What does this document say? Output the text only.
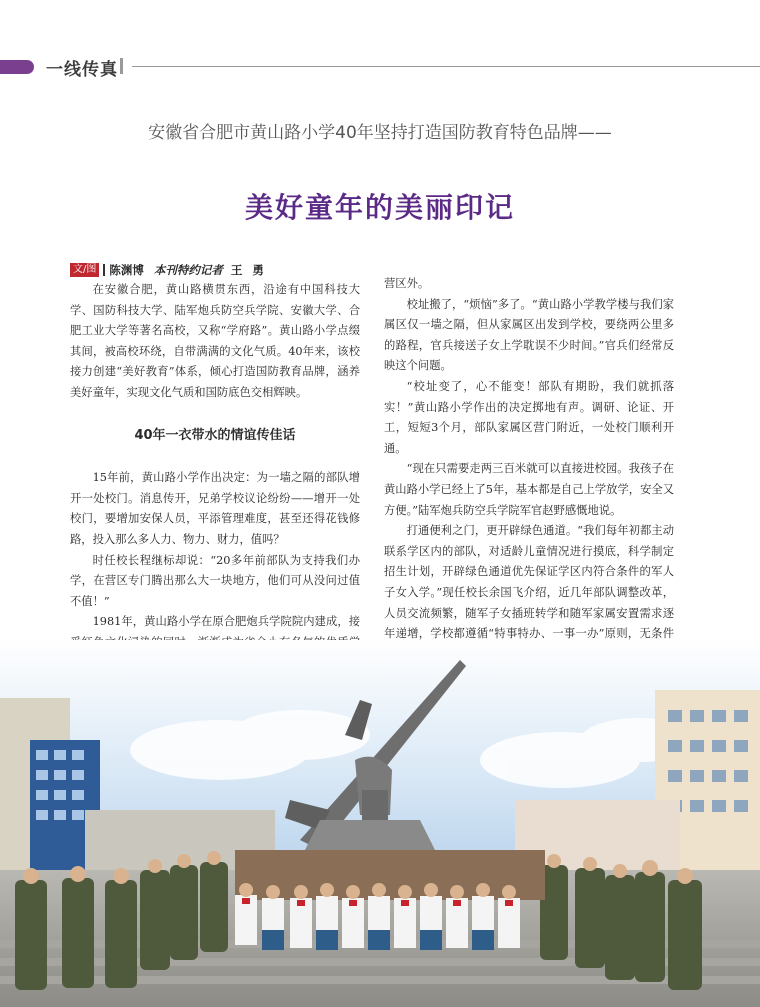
一线传真
安徽省合肥市黄山路小学40年坚持打造国防教育特色品牌——
美好童年的美丽印记
文/图 陈渊博 本刊特约记者 王 勇

在安徽合肥，黄山路横贯东西，沿途有中国科技大学、国防科技大学、陆军炮兵防空兵学院、安徽大学、合肥工业大学等著名高校，又称“学府路”。黄山路小学点缀其间，被高校环绕，自带满满的文化气质。40年来，该校接力创建“美好教育”体系，倾心打造国防教育品牌，涵养美好童年，实现文化气质和国防底色交相辉映。

40年一衣带水的情谊传佳话

15年前，黄山路小学作出决定：为一墙之隔的部队增开一处校门。消息传开，兄弟学校议论纷纷——增开一处校门，要增加安保人员，平添管理难度，甚至还得花钱修路，投入那么多人力、物力、财力，值吗？

时任校长程继标却说：“20多年前部队为支持我们办学，在营区专门腾出那么大一块地方，他们可从没问过值不值！”

1981年，黄山路小学在原合肥炮兵学院院内建成，接

营区外。

校址搬了，“烦恼”多了。“黄山路小学教学楼与我们家属区仅一墙之隔，但从家属区出发到学校，要绕两公里多的路程，官兵接送子女上学耽误不少时间。”官兵们经常反映这个问题。

“校址变了，心不能变！部队有期盼，我们就抓落实！”黄山路小学作出的决定掷地有声。调研、论证、开工，短短3个月，部队家属区营门附近，一处校门顺利开通。

“现在只需要走两三百米就可以直接进校园。我孩子在黄山路小学已经上了5年，基本都是自己上学放学，安全又方便。”陆军炮兵防空兵学院军官赵野感慨地说。

打通便利之门，更开辟绿色通道。“我们每年初都主动联系学区内的部队，对适龄儿童情况进行摸底，科学制定招生计划，开辟绿色通道优先保证学区内符合条件的军人子女入学。”现任校长余国飞介绍，近几年部队调整改革，人员交流频繁，随军子女插班转学和随军家属安置需求逐年递增，学校都遵循“特事特办、一事一办”原则，无条件
